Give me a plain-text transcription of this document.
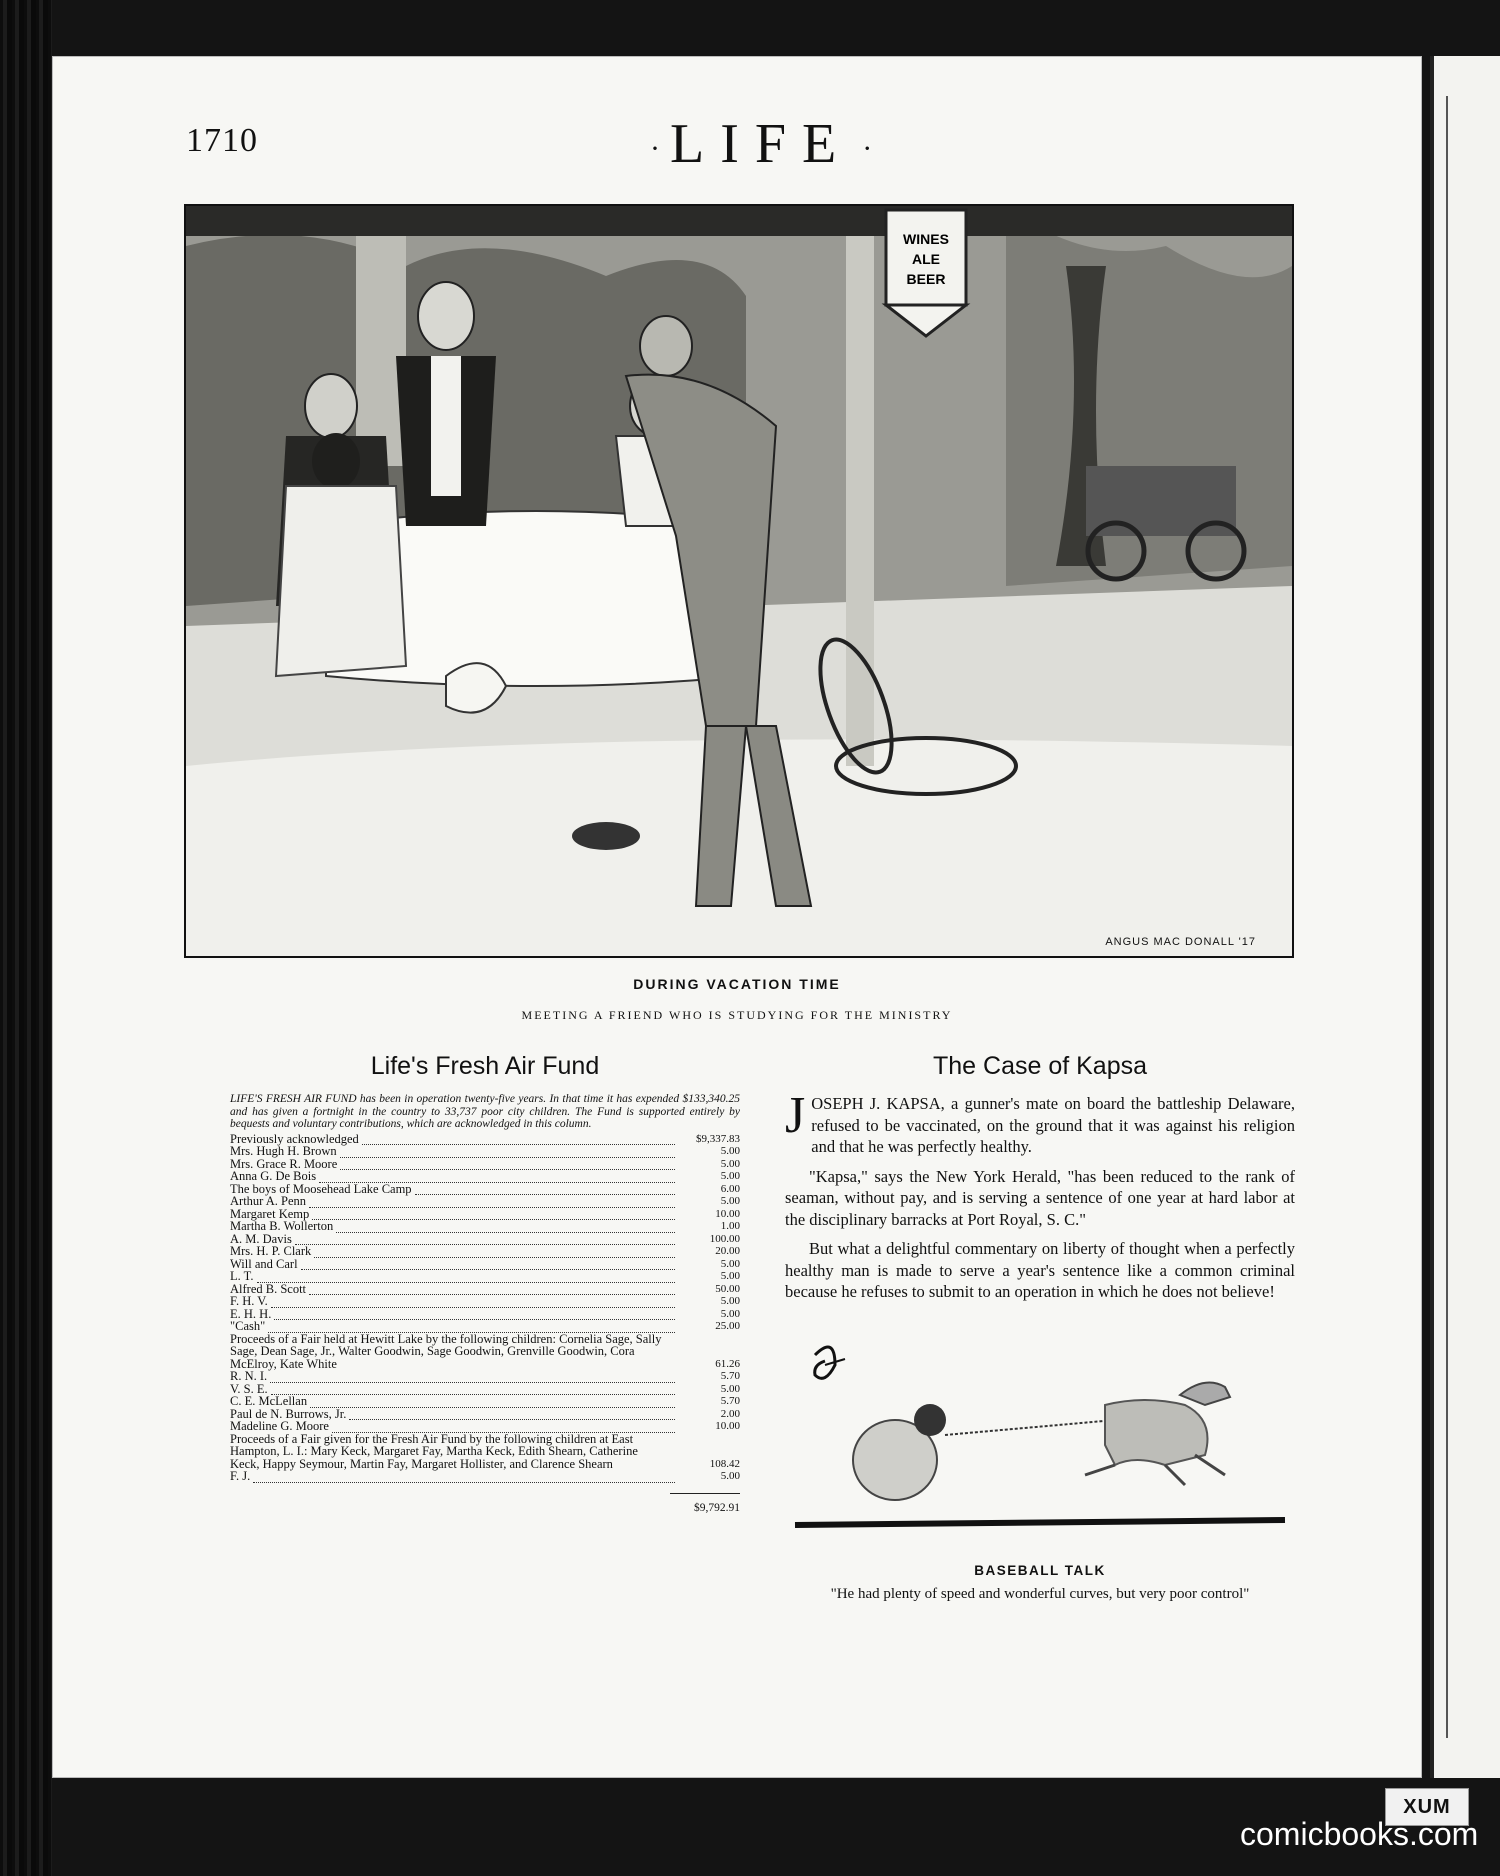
1710	· LIFE ·
WINES
ALE
BEER
ANGUS MAC DONALL '17
DURING VACATION TIME
MEETING A FRIEND WHO IS STUDYING FOR THE MINISTRY
Life's Fresh Air Fund

LIFE'S FRESH AIR FUND has been in operation twenty-five years. In that time it has expended $133,340.25 and has given a fortnight in the country to 33,737 poor city children. The Fund is supported entirely by bequests and voluntary contributions, which are acknowledged in this column.

Previously acknowledged	$9,337.83
Mrs. Hugh H. Brown	5.00
Mrs. Grace R. Moore	5.00
Anna G. De Bois	5.00
The boys of Moosehead Lake Camp	6.00
Arthur A. Penn	5.00
Margaret Kemp	10.00
Martha B. Wollerton	1.00
A. M. Davis	100.00
Mrs. H. P. Clark	20.00
Will and Carl	5.00
L. T.	5.00
Alfred B. Scott	50.00
F. H. V.	5.00
E. H. H.	5.00
"Cash"	25.00
Proceeds of a Fair held at Hewitt Lake by the following children: Cornelia Sage, Sally Sage, Dean Sage, Jr., Walter Goodwin, Sage Goodwin, Grenville Goodwin, Cora McElroy, Kate White	61.26
R. N. I.	5.70
V. S. E.	5.00
C. E. McLellan	5.70
Paul de N. Burrows, Jr.	2.00
Madeline G. Moore	10.00
Proceeds of a Fair given for the Fresh Air Fund by the following children at East Hampton, L. I.: Mary Keck, Margaret Fay, Martha Keck, Edith Shearn, Catherine Keck, Happy Seymour, Martin Fay, Margaret Hollister, and Clarence Shearn	108.42
F. J.	5.00
$9,792.91
The Case of Kapsa

JOSEPH J. KAPSA, a gunner's mate on board the battleship Delaware, refused to be vaccinated, on the ground that it was against his religion and that he was perfectly healthy.

"Kapsa," says the New York Herald, "has been reduced to the rank of seaman, without pay, and is serving a sentence of one year at hard labor at the disciplinary barracks at Port Royal, S. C."

But what a delightful commentary on liberty of thought when a perfectly healthy man is made to serve a year's sentence like a common criminal because he refuses to submit to an operation in which he does not believe!

BASEBALL TALK
"He had plenty of speed and wonderful curves, but very poor control"
XUM
comicbooks.com
